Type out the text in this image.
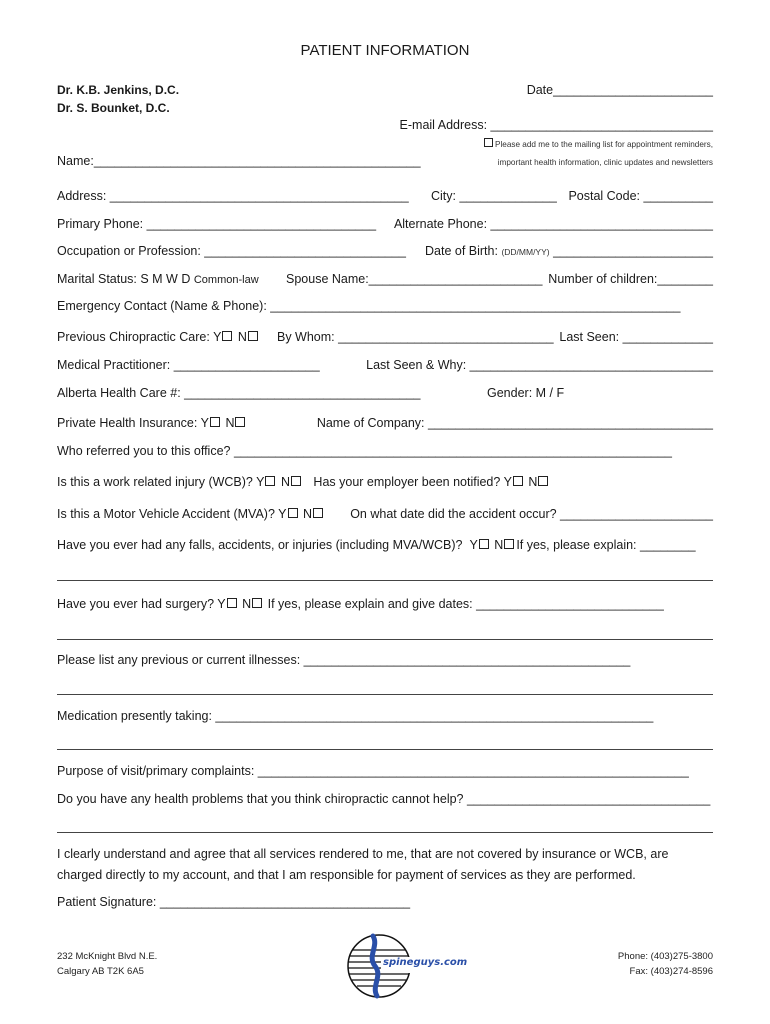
PATIENT INFORMATION
Dr. K.B. Jenkins, D.C.
Dr. S. Bounket, D.C.
Date_______________________
E-mail Address: ________________________________
Please add me to the mailing list for appointment reminders,
important health information, clinic updates and newsletters
Name:_______________________________________________
Address: ___________________________________________ City: ______________ Postal Code: __________
Primary Phone: _________________________________ Alternate Phone: ________________________________
Occupation or Profession: _____________________________ Date of Birth: (DD/MM/YY) _______________________
Marital Status: S M W D Common-law Spouse Name:_________________________ Number of children:________
Emergency Contact (Name & Phone): ___________________________________________________________
Previous Chiropractic Care: Y N	By Whom: _______________________________ Last Seen: _____________
Medical Practitioner: _____________________	Last Seen & Why: ___________________________________
Alberta Health Care #: __________________________________	Gender: M / F
Private Health Insurance: Y N	Name of Company: _________________________________________
Who referred you to this office? _______________________________________________________________
Is this a work related injury (WCB)? Y N Has your employer been notified? Y N
Is this a Motor Vehicle Accident (MVA)? Y N	On what date did the accident occur? ______________________
Have you ever had any falls, accidents, or injuries (including MVA/WCB)? Y N If yes, please explain: ________
Have you ever had surgery? Y N If yes, please explain and give dates: ___________________________
Please list any previous or current illnesses: _______________________________________________
Medication presently taking: _______________________________________________________________
Purpose of visit/primary complaints: ______________________________________________________________
Do you have any health problems that you think chiropractic cannot help? ___________________________________
I clearly understand and agree that all services rendered to me, that are not covered by insurance or WCB, are charged directly to my account, and that I am responsible for payment of services as they are performed.
Patient Signature: ____________________________________
232 McKnight Blvd N.E.
Calgary AB T2K 6A5
spineguys.com
Phone: (403)275-3800
Fax: (403)274-8596
